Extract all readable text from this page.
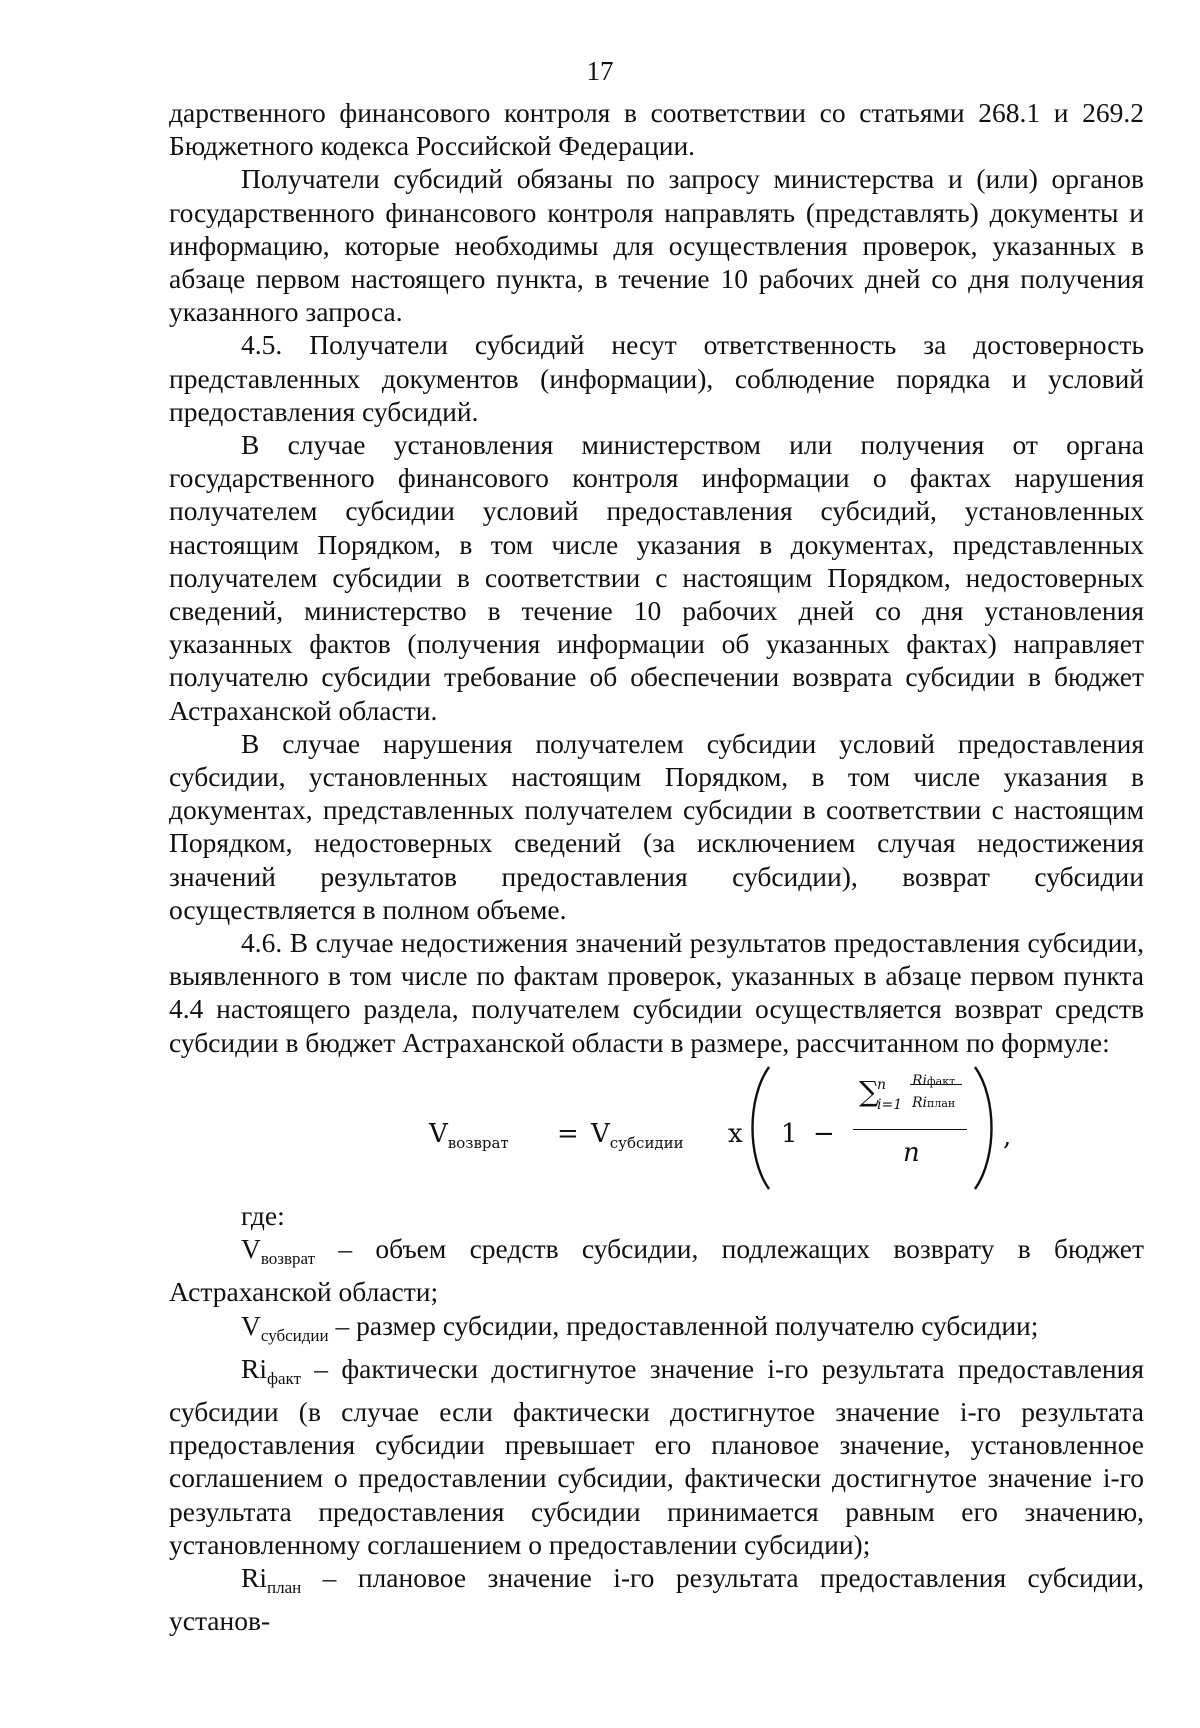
17

дарственного финансового контроля в соответствии со статьями 268.1 и 269.2 Бюджетного кодекса Российской Федерации.

Получатели субсидий обязаны по запросу министерства и (или) органов государственного финансового контроля направлять (представлять) документы и информацию, которые необходимы для осуществления проверок, указанных в абзаце первом настоящего пункта, в течение 10 рабочих дней со дня получения указанного запроса.

4.5. Получатели субсидий несут ответственность за достоверность представленных документов (информации), соблюдение порядка и условий предоставления субсидий.

В случае установления министерством или получения от органа государственного финансового контроля информации о фактах нарушения получателем субсидии условий предоставления субсидий, установленных настоящим Порядком, в том числе указания в документах, представленных получателем субсидии в соответствии с настоящим Порядком, недостоверных сведений, министерство в течение 10 рабочих дней со дня установления указанных фактов (получения информации об указанных фактах) направляет получателю субсидии требование об обеспечении возврата субсидии в бюджет Астраханской области.

В случае нарушения получателем субсидии условий предоставления субсидии, установленных настоящим Порядком, в том числе указания в документах, представленных получателем субсидии в соответствии с настоящим Порядком, недостоверных сведений (за исключением случая недостижения значений результатов предоставления субсидии), возврат субсидии осуществляется в полном объеме.

4.6. В случае недостижения значений результатов предоставления субсидии, выявленного в том числе по фактам проверок, указанных в абзаце первом пункта 4.4 настоящего раздела, получателем субсидии осуществляется возврат средств субсидии в бюджет Астраханской области в размере, рассчитанном по формуле:

$V_{возврат} = V_{субсидии}$ x 1 −
∑
n
i=1
Riфакт
Riплан
n
,

где:

$V_{возврат}$ – объем средств субсидии, подлежащих возврату в бюджет Астраханской области;

$V_{субсидии}$ – размер субсидии, предоставленной получателю субсидии;

$Ri_{факт}$ – фактически достигнутое значение i-го результата предоставления субсидии (в случае если фактически достигнутое значение i-го результата предоставления субсидии превышает его плановое значение, установленное соглашением о предоставлении субсидии, фактически достигнутое значение i-го результата предоставления субсидии принимается равным его значению, установленному соглашением о предоставлении субсидии);

$Ri_{план}$ – плановое значение i-го результата предоставления субсидии, установ-
